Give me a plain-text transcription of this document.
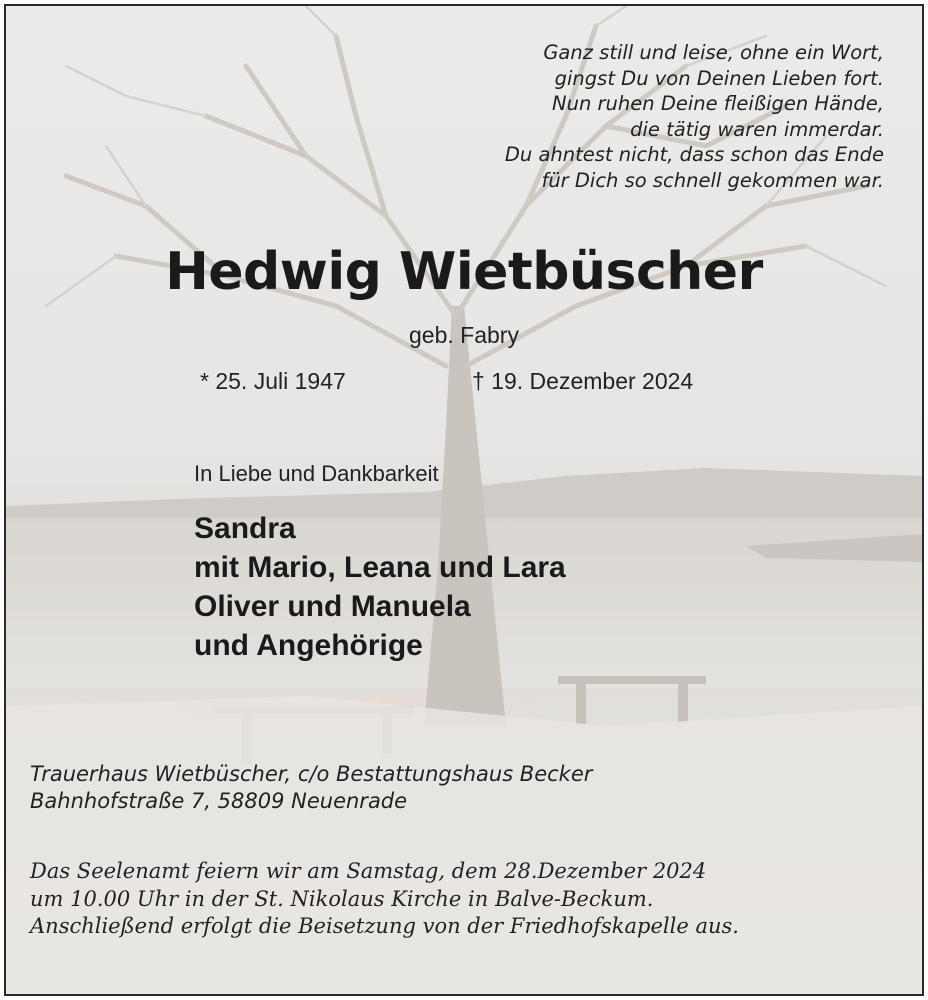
Ganz still und leise, ohne ein Wort,
gingst Du von Deinen Lieben fort.
Nun ruhen Deine fleißigen Hände,
die tätig waren immerdar.
Du ahntest nicht, dass schon das Ende
für Dich so schnell gekommen war.
Hedwig Wietbüscher
geb. Fabry
* 25. Juli 1947	† 19. Dezember 2024
In Liebe und Dankbarkeit
Sandra
mit Mario, Leana und Lara
Oliver und Manuela
und Angehörige
Trauerhaus Wietbüscher, c/o Bestattungshaus Becker
Bahnhofstraße 7, 58809 Neuenrade
Das Seelenamt feiern wir am Samstag, dem 28.Dezember 2024
um 10.00 Uhr in der St. Nikolaus Kirche in Balve-Beckum.
Anschließend erfolgt die Beisetzung von der Friedhofskapelle aus.
